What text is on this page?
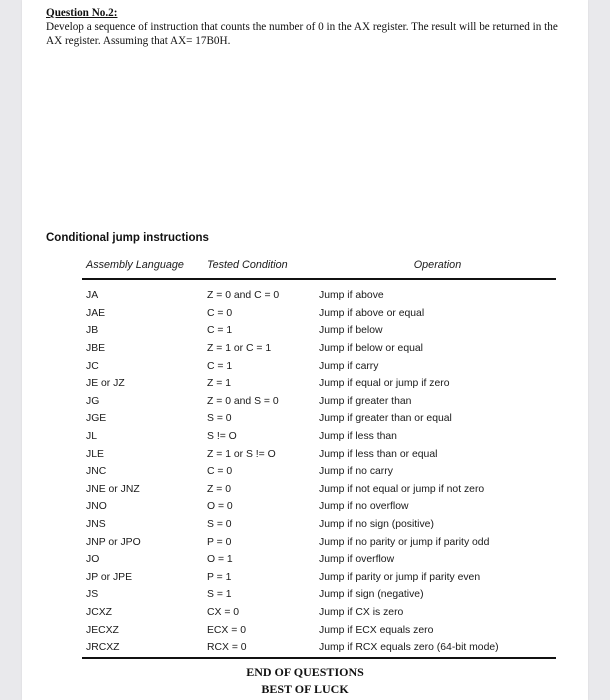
Question No.2:
Develop a sequence of instruction that counts the number of 0 in the AX register. The result will be returned in the AX register. Assuming that AX= 17B0H.
Conditional jump instructions
Assembly Language	Tested Condition	Operation
JA	Z = 0 and C = 0	Jump if above
JAE	C = 0	Jump if above or equal
JB	C = 1	Jump if below
JBE	Z = 1 or C = 1	Jump if below or equal
JC	C = 1	Jump if carry
JE or JZ	Z = 1	Jump if equal or jump if zero
JG	Z = 0 and S = 0	Jump if greater than
JGE	S = 0	Jump if greater than or equal
JL	S != O	Jump if less than
JLE	Z = 1 or S != O	Jump if less than or equal
JNC	C = 0	Jump if no carry
JNE or JNZ	Z = 0	Jump if not equal or jump if not zero
JNO	O = 0	Jump if no overflow
JNS	S = 0	Jump if no sign (positive)
JNP or JPO	P = 0	Jump if no parity or jump if parity odd
JO	O = 1	Jump if overflow
JP or JPE	P = 1	Jump if parity or jump if parity even
JS	S = 1	Jump if sign (negative)
JCXZ	CX = 0	Jump if CX is zero
JECXZ	ECX = 0	Jump if ECX equals zero
JRCXZ	RCX = 0	Jump if RCX equals zero (64-bit mode)
END OF QUESTIONS
BEST OF LUCK
